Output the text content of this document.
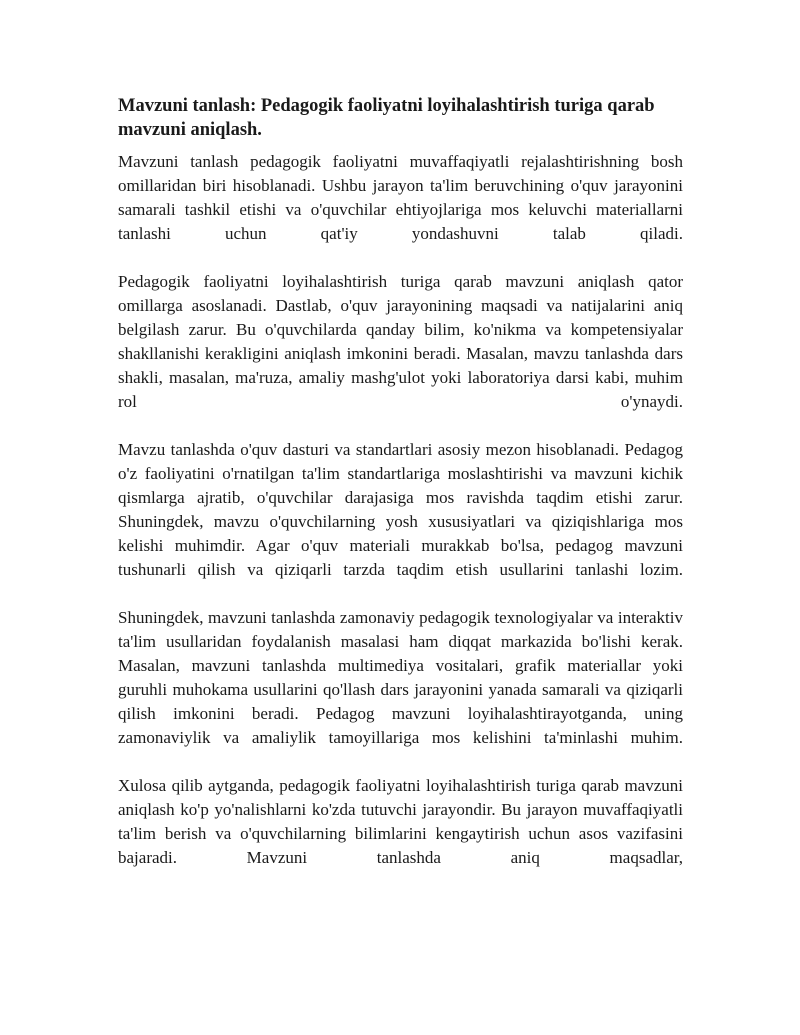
Mavzuni tanlash: Pedagogik faoliyatni loyihalashtirish turiga qarab mavzuni aniqlash.

Mavzuni tanlash pedagogik faoliyatni muvaffaqiyatli rejalashtirishning bosh omillaridan biri hisoblanadi. Ushbu jarayon ta'lim beruvchining o'quv jarayonini samarali tashkil etishi va o'quvchilar ehtiyojlariga mos keluvchi materiallarni tanlashi uchun qat'iy yondashuvni talab qiladi.

Pedagogik faoliyatni loyihalashtirish turiga qarab mavzuni aniqlash qator omillarga asoslanadi. Dastlab, o'quv jarayonining maqsadi va natijalarini aniq belgilash zarur. Bu o'quvchilarda qanday bilim, ko'nikma va kompetensiyalar shakllanishi kerakligini aniqlash imkonini beradi. Masalan, mavzu tanlashda dars shakli, masalan, ma'ruza, amaliy mashg'ulot yoki laboratoriya darsi kabi, muhim rol o'ynaydi.

Mavzu tanlashda o'quv dasturi va standartlari asosiy mezon hisoblanadi. Pedagog o'z faoliyatini o'rnatilgan ta'lim standartlariga moslashtirishi va mavzuni kichik qismlarga ajratib, o'quvchilar darajasiga mos ravishda taqdim etishi zarur. Shuningdek, mavzu o'quvchilarning yosh xususiyatlari va qiziqishlariga mos kelishi muhimdir. Agar o'quv materiali murakkab bo'lsa, pedagog mavzuni tushunarli qilish va qiziqarli tarzda taqdim etish usullarini tanlashi lozim.

Shuningdek, mavzuni tanlashda zamonaviy pedagogik texnologiyalar va interaktiv ta'lim usullaridan foydalanish masalasi ham diqqat markazida bo'lishi kerak. Masalan, mavzuni tanlashda multimediya vositalari, grafik materiallar yoki guruhli muhokama usullarini qo'llash dars jarayonini yanada samarali va qiziqarli qilish imkonini beradi. Pedagog mavzuni loyihalashtirayotganda, uning zamonaviylik va amaliylik tamoyillariga mos kelishini ta'minlashi muhim.

Xulosa qilib aytganda, pedagogik faoliyatni loyihalashtirish turiga qarab mavzuni aniqlash ko'p yo'nalishlarni ko'zda tutuvchi jarayondir. Bu jarayon muvaffaqiyatli ta'lim berish va o'quvchilarning bilimlarini kengaytirish uchun asos vazifasini bajaradi. Mavzuni tanlashda aniq maqsadlar,
